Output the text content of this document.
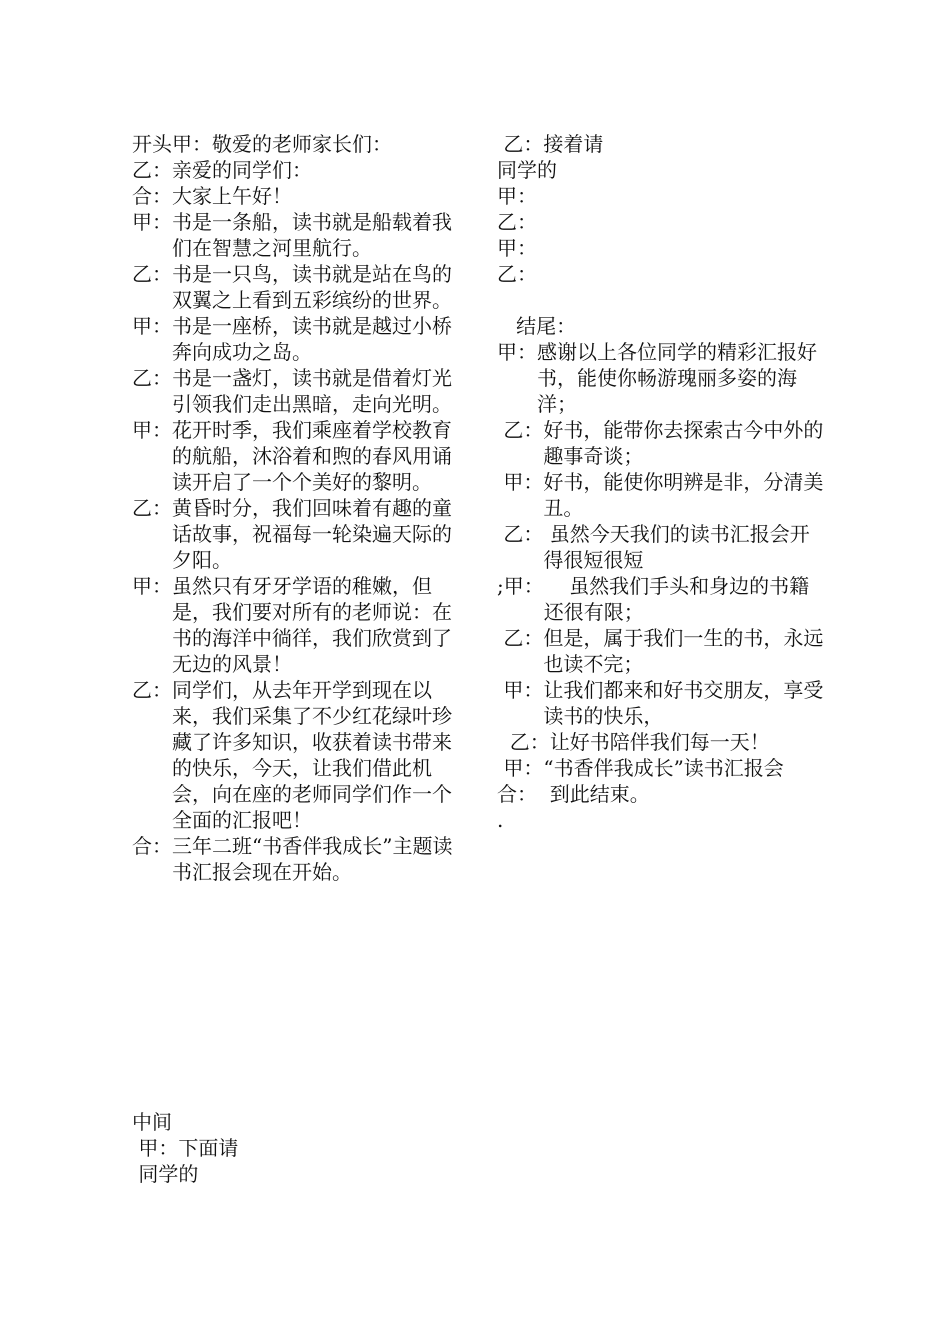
开头甲： 敬爱的老师家长们：
乙： 亲爱的同学们：
合： 大家上午好！
甲： 书是一条船，读书就是船载着我们在智慧之河里航行。
乙： 书是一只鸟，读书就是站在鸟的双翼之上看到五彩缤纷的世界。
甲： 书是一座桥，读书就是越过小桥奔向成功之岛。
乙： 书是一盏灯，读书就是借着灯光引领我们走出黑暗，走向光明。
甲： 花开时季，我们乘座着学校教育的航船，沐浴着和煦的春风用诵读开启了一个个美好的黎明。
乙： 黄昏时分，我们回味着有趣的童话故事，祝福每一轮染遍天际的夕阳。
甲： 虽然只有牙牙学语的稚嫩，但是，我们要对所有的老师说：在书的海洋中徜徉，我们欣赏到了无边的风景！
乙： 同学们，从去年开学到现在以来，我们采集了不少红花绿叶珍藏了许多知识，收获着读书带来的快乐，今天，让我们借此机会，向在座的老师同学们作一个全面的汇报吧！
合： 三年二班“书香伴我成长”主题读书汇报会现在开始。
中间
甲：下面请
同学的
乙：接着请
同学的
甲：
乙：
甲：
乙：
结尾：
甲： 感谢以上各位同学的精彩汇报好书，能使你畅游瑰丽多姿的海洋；
乙： 好书，能带你去探索古今中外的趣事奇谈；
甲： 好书，能使你明辨是非，分清美丑。
乙： 虽然今天我们的读书汇报会开得很短很短
;甲： 虽然我们手头和身边的书籍还很有限；
乙： 但是，属于我们一生的书，永远也读不完；
甲： 让我们都来和好书交朋友，享受读书的快乐，
乙：让好书陪伴我们每一天！
甲：“书香伴我成长”读书汇报会   合：  到此结束。
.
